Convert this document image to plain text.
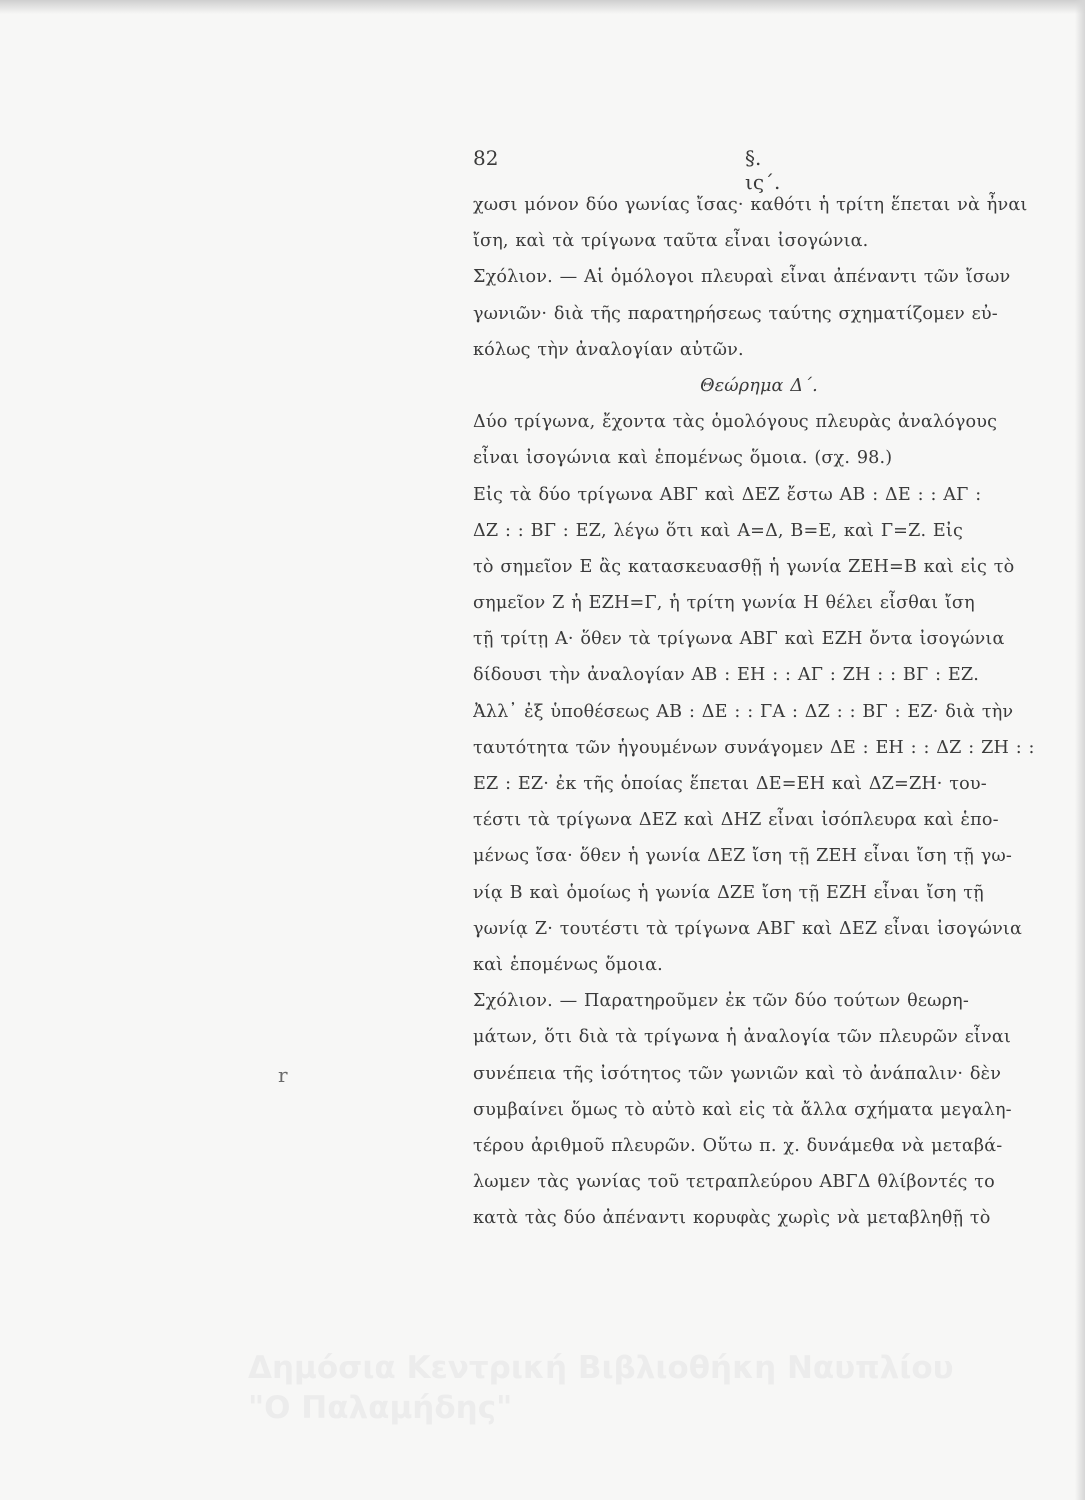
82	§. ις΄.
χωσι μόνον δύο γωνίας ἴσας· καθότι ἡ τρίτη ἕπεται νὰ ἦναι
ἴση, καὶ τὰ τρίγωνα ταῦτα εἶναι ἰσογώνια.
Σχόλιον. — Αἱ ὁμόλογοι πλευραὶ εἶναι ἀπέναντι τῶν ἴσων
γωνιῶν· διὰ τῆς παρατηρήσεως ταύτης σχηματίζομεν εὐ-
κόλως τὴν ἀναλογίαν αὐτῶν.
Θεώρημα Δ΄.
Δύο τρίγωνα, ἔχοντα τὰς ὁμολόγους πλευρὰς ἀναλόγους
εἶναι ἰσογώνια καὶ ἑπομένως ὅμοια. (σχ. 98.)
Εἰς τὰ δύο τρίγωνα ΑΒΓ καὶ ΔΕΖ ἔστω ΑΒ : ΔΕ : : ΑΓ :
ΔΖ : : ΒΓ : ΕΖ, λέγω ὅτι καὶ Α=Δ, Β=Ε, καὶ Γ=Ζ. Εἰς
τὸ σημεῖον Ε ἂς κατασκευασθῇ ἡ γωνία ΖΕΗ=Β καὶ εἰς τὸ
σημεῖον Ζ ἡ ΕΖΗ=Γ, ἡ τρίτη γωνία Η θέλει εἶσθαι ἴση
τῇ τρίτῃ Α· ὅθεν τὰ τρίγωνα ΑΒΓ καὶ ΕΖΗ ὄντα ἰσογώνια
δίδουσι τὴν ἀναλογίαν ΑΒ : ΕΗ : : ΑΓ : ΖΗ : : ΒΓ : ΕΖ.
Ἀλλ᾽ ἐξ ὑποθέσεως ΑΒ : ΔΕ : : ΓΑ : ΔΖ : : ΒΓ : ΕΖ· διὰ τὴν
ταυτότητα τῶν ἡγουμένων συνάγομεν ΔΕ : ΕΗ : : ΔΖ : ΖΗ : :
ΕΖ : ΕΖ· ἐκ τῆς ὁποίας ἕπεται ΔΕ=ΕΗ καὶ ΔΖ=ΖΗ· του-
τέστι τὰ τρίγωνα ΔΕΖ καὶ ΔΗΖ εἶναι ἰσόπλευρα καὶ ἑπο-
μένως ἴσα· ὅθεν ἡ γωνία ΔΕΖ ἴση τῇ ΖΕΗ εἶναι ἴση τῇ γω-
νίᾳ Β καὶ ὁμοίως ἡ γωνία ΔΖΕ ἴση τῇ ΕΖΗ εἶναι ἴση τῇ
γωνίᾳ Ζ· τουτέστι τὰ τρίγωνα ΑΒΓ καὶ ΔΕΖ εἶναι ἰσογώνια
καὶ ἑπομένως ὅμοια.
Σχόλιον. — Παρατηροῦμεν ἐκ τῶν δύο τούτων θεωρη-
μάτων, ὅτι διὰ τὰ τρίγωνα ἡ ἀναλογία τῶν πλευρῶν εἶναι
συνέπεια τῆς ἰσότητος τῶν γωνιῶν καὶ τὸ ἀνάπαλιν· δὲν
συμβαίνει ὅμως τὸ αὐτὸ καὶ εἰς τὰ ἄλλα σχήματα μεγαλη-
τέρου ἀριθμοῦ πλευρῶν. Οὕτω π. χ. δυνάμεθα νὰ μεταβά-
λωμεν τὰς γωνίας τοῦ τετραπλεύρου ΑΒΓΔ θλίβοντές το
κατὰ τὰς δύο ἀπέναντι κορυφὰς χωρὶς νὰ μεταβληθῇ τὸ
r
Δημόσια Κεντρική Βιβλιοθήκη Ναυπλίου
"Ο Παλαμήδης"
